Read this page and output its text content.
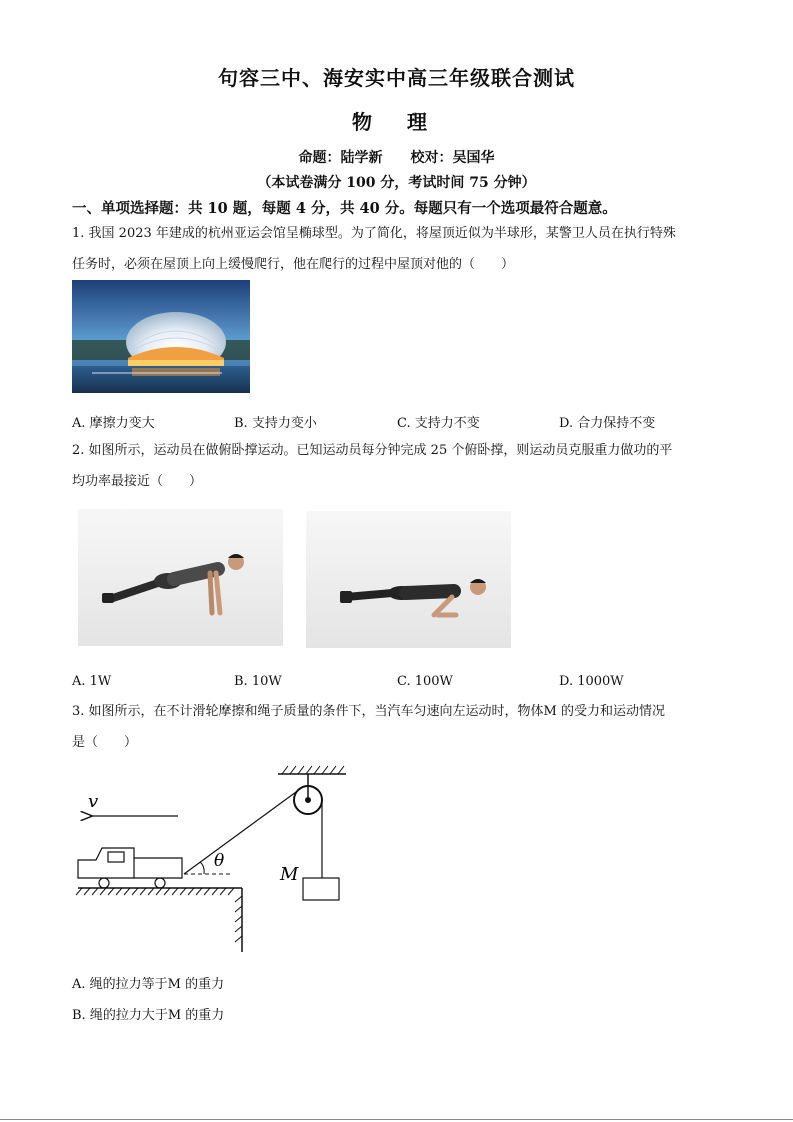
句容三中、海安实中高三年级联合测试
物 理
命题：陆学新　　校对：吴国华
（本试卷满分 100 分，考试时间 75 分钟）
一、单项选择题：共 10 题，每题 4 分，共 40 分。每题只有一个选项最符合题意。
1. 我国 2023 年建成的杭州亚运会馆呈椭球型。为了简化，将屋顶近似为半球形，某警卫人员在执行特殊
任务时，必须在屋顶上向上缓慢爬行，他在爬行的过程中屋顶对他的（　　）
A. 摩擦力变大	B. 支持力变小	C. 支持力不变	D. 合力保持不变
2. 如图所示，运动员在做俯卧撑运动。已知运动员每分钟完成 25 个俯卧撑，则运动员克服重力做功的平
均功率最接近（　　）
A. 1W	B. 10W	C. 100W	D. 1000W
3. 如图所示，在不计滑轮摩擦和绳子质量的条件下，当汽车匀速向左运动时，物体M 的受力和运动情况
是（　　）
M
θ
v
A. 绳的拉力等于M 的重力
B. 绳的拉力大于M 的重力
